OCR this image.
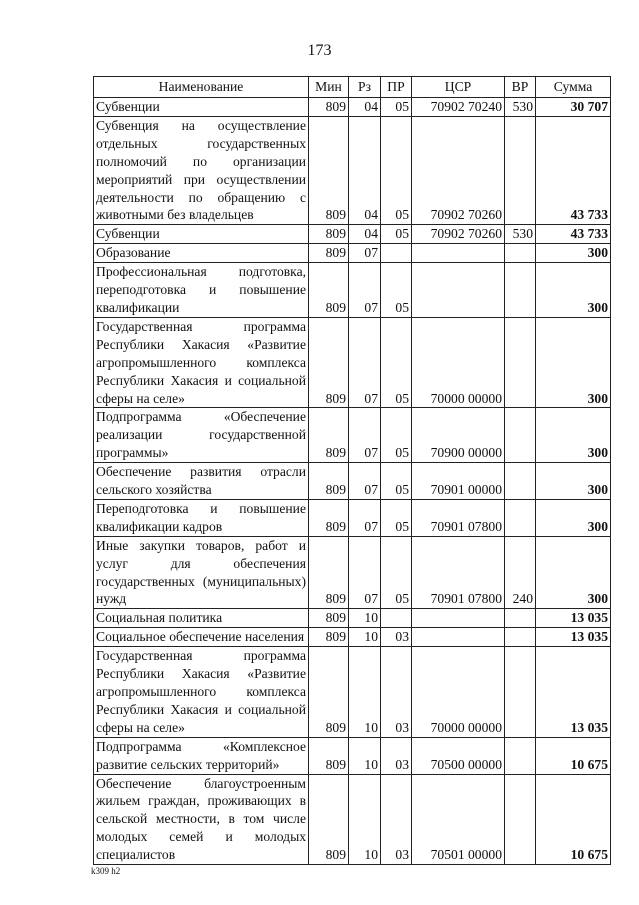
173
Наименование	Мин	Рз	ПР	ЦСР	ВР	Сумма
Субвенции	809	04	05	70902 70240	530	30 707
Субвенция на осуществление отдельных государственных полномочий по организации мероприятий при осуществлении деятельности по обращению с животными без владельцев	809	04	05	70902 70260		43 733
Субвенции	809	04	05	70902 70260	530	43 733
Образование	809	07				300
Профессиональная подготовка, переподготовка и повышение квалификации	809	07	05			300
Государственная программа Республики Хакасия «Развитие агропромышленного комплекса Республики Хакасия и социальной сферы на селе»	809	07	05	70000 00000		300
Подпрограмма «Обеспечение реализации государственной программы»	809	07	05	70900 00000		300
Обеспечение развития отрасли сельского хозяйства	809	07	05	70901 00000		300
Переподготовка и повышение квалификации кадров	809	07	05	70901 07800		300
Иные закупки товаров, работ и услуг для обеспечения государственных (муниципальных) нужд	809	07	05	70901 07800	240	300
Социальная политика	809	10				13 035
Социальное обеспечение населения	809	10	03			13 035
Государственная программа Республики Хакасия «Развитие агропромышленного комплекса Республики Хакасия и социальной сферы на селе»	809	10	03	70000 00000		13 035
Подпрограмма «Комплексное развитие сельских территорий»	809	10	03	70500 00000		10 675
Обеспечение благоустроенным жильем граждан, проживающих в сельской местности, в том числе молодых семей и молодых специалистов	809	10	03	70501 00000		10 675
k309 h2
